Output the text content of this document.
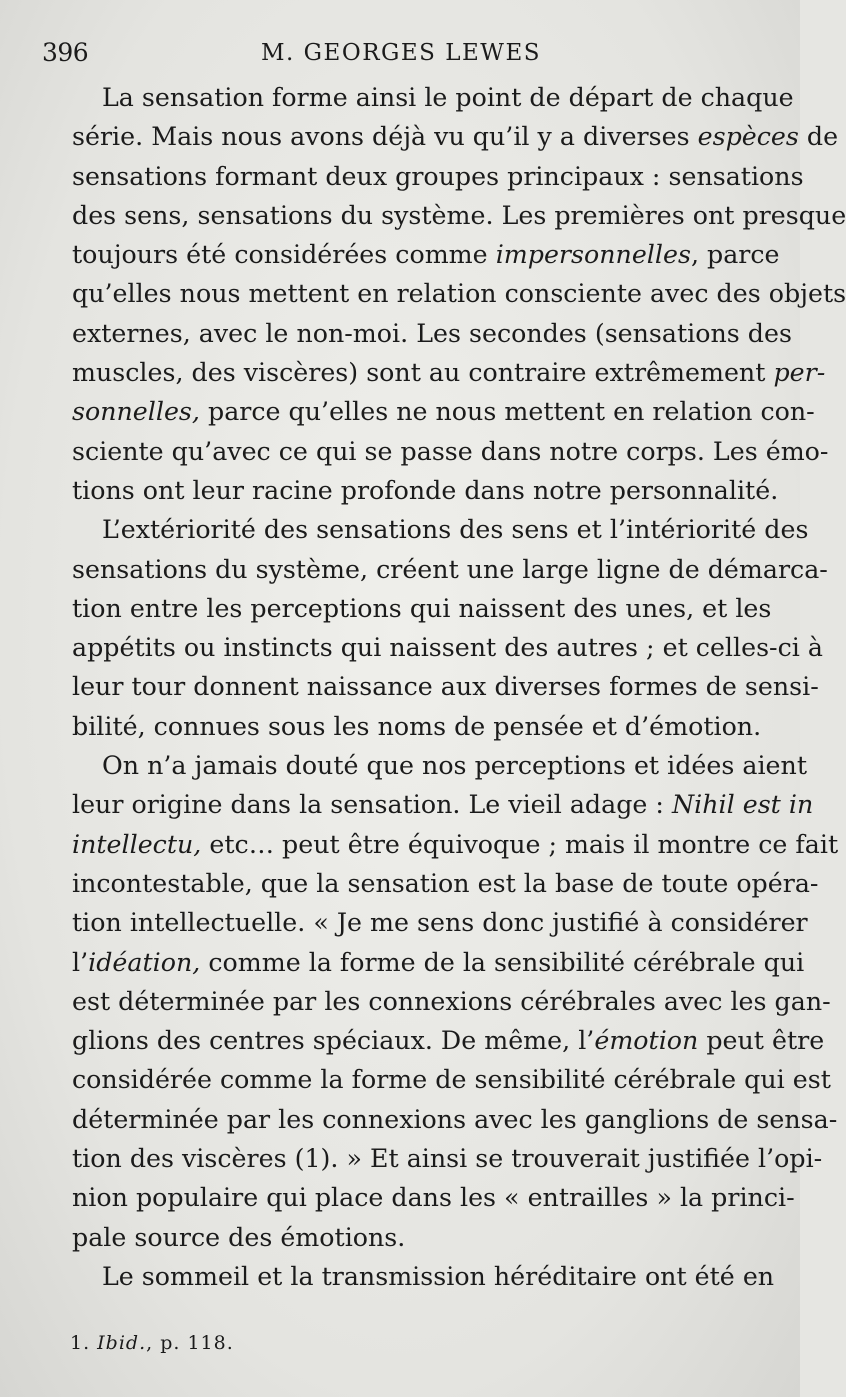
396	M. GEORGES LEWES
La sensation forme ainsi le point de départ de chaque
série. Mais nous avons déjà vu qu’il y a diverses espèces de
sensations formant deux groupes principaux : sensations
des sens, sensations du système. Les premières ont presque
toujours été considérées comme impersonnelles, parce
qu’elles nous mettent en relation consciente avec des objets
externes, avec le non-moi. Les secondes (sensations des
muscles, des viscères) sont au contraire extrêmement per-
sonnelles, parce qu’elles ne nous mettent en relation con-
sciente qu’avec ce qui se passe dans notre corps. Les émo-
tions ont leur racine profonde dans notre personnalité.
L’extériorité des sensations des sens et l’intériorité des
sensations du système, créent une large ligne de démarca-
tion entre les perceptions qui naissent des unes, et les
appétits ou instincts qui naissent des autres ; et celles-ci à
leur tour donnent naissance aux diverses formes de sensi-
bilité, connues sous les noms de pensée et d’émotion.
On n’a jamais douté que nos perceptions et idées aient
leur origine dans la sensation. Le vieil adage : Nihil est in
intellectu, etc… peut être équivoque ; mais il montre ce fait
incontestable, que la sensation est la base de toute opéra-
tion intellectuelle. « Je me sens donc justifié à considérer
l’idéation, comme la forme de la sensibilité cérébrale qui
est déterminée par les connexions cérébrales avec les gan-
glions des centres spéciaux. De même, l’émotion peut être
considérée comme la forme de sensibilité cérébrale qui est
déterminée par les connexions avec les ganglions de sensa-
tion des viscères (1). » Et ainsi se trouverait justifiée l’opi-
nion populaire qui place dans les « entrailles » la princi-
pale source des émotions.
Le sommeil et la transmission héréditaire ont été en
1. Ibid., p. 118.
